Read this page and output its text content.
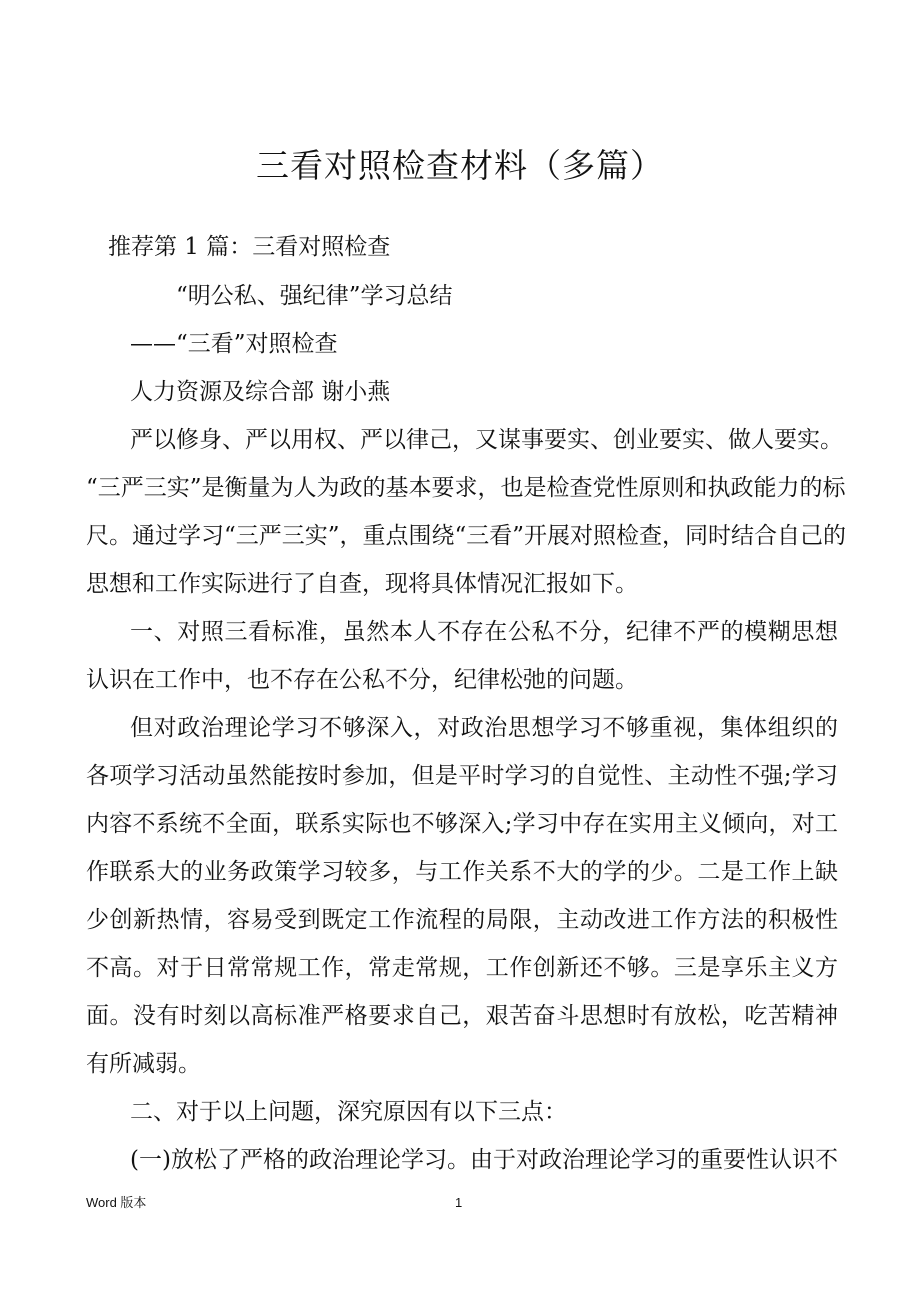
三看对照检查材料（多篇）

推荐第 1 篇：三看对照检查

“明公私、强纪律”学习总结

——“三看”对照检查

人力资源及综合部 谢小燕

严以修身、严以用权、严以律己，又谋事要实、创业要实、做人要实。

“三严三实”是衡量为人为政的基本要求，也是检查党性原则和执政能力的标

尺。通过学习“三严三实”，重点围绕“三看”开展对照检查，同时结合自己的

思想和工作实际进行了自查，现将具体情况汇报如下。

一、对照三看标准，虽然本人不存在公私不分，纪律不严的模糊思想

认识在工作中，也不存在公私不分，纪律松弛的问题。

但对政治理论学习不够深入，对政治思想学习不够重视，集体组织的

各项学习活动虽然能按时参加，但是平时学习的自觉性、主动性不强;学习

内容不系统不全面，联系实际也不够深入;学习中存在实用主义倾向，对工

作联系大的业务政策学习较多，与工作关系不大的学的少。二是工作上缺

少创新热情，容易受到既定工作流程的局限，主动改进工作方法的积极性

不高。对于日常常规工作，常走常规，工作创新还不够。三是享乐主义方

面。没有时刻以高标准严格要求自己，艰苦奋斗思想时有放松，吃苦精神

有所减弱。

二、对于以上问题，深究原因有以下三点：

(一)放松了严格的政治理论学习。由于对政治理论学习的重要性认识不

Word 版本	1
